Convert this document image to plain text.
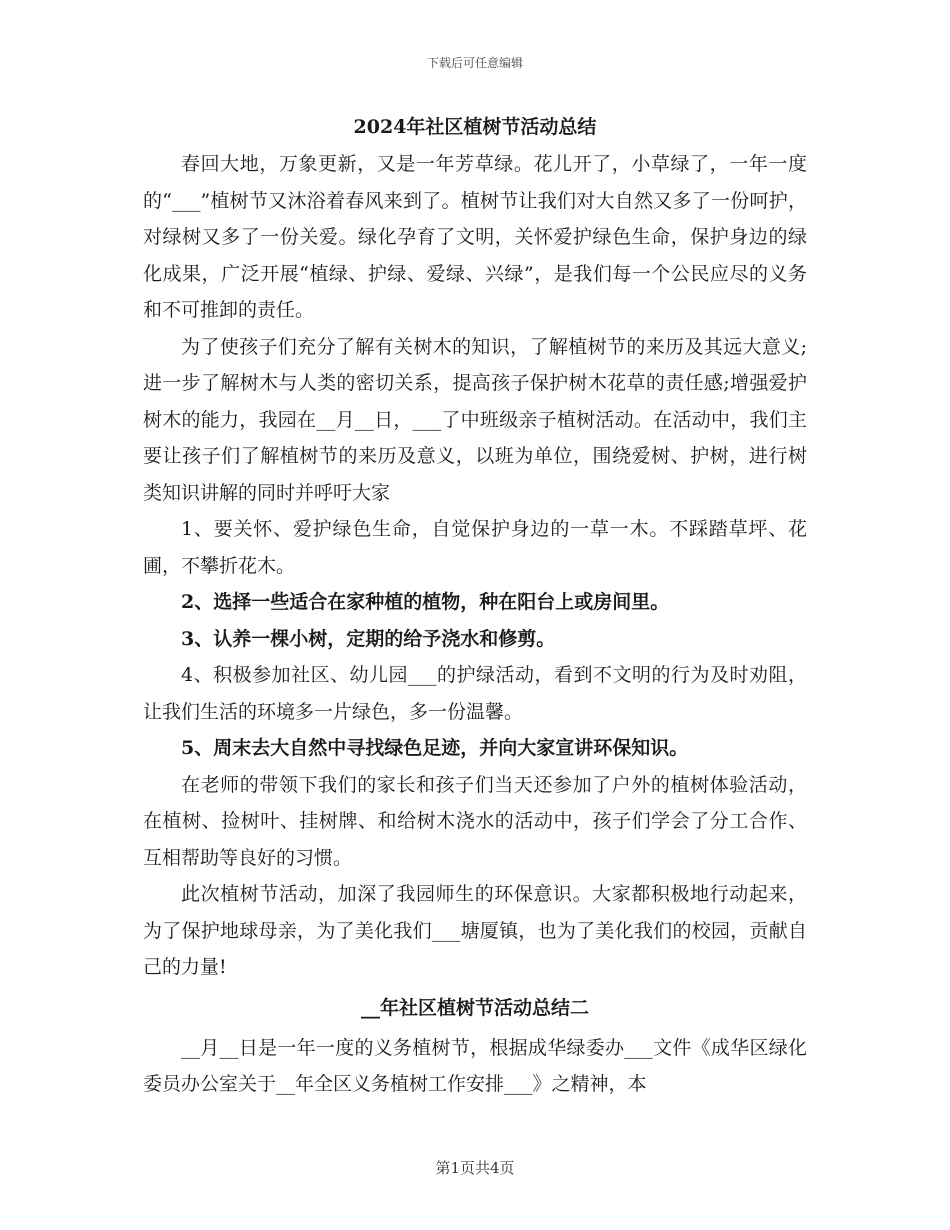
下载后可任意编辑
2024年社区植树节活动总结

春回大地，万象更新，又是一年芳草绿。花儿开了，小草绿了，一年一度的“___”植树节又沐浴着春风来到了。植树节让我们对大自然又多了一份呵护，对绿树又多了一份关爱。绿化孕育了文明，关怀爱护绿色生命，保护身边的绿化成果，广泛开展“植绿、护绿、爱绿、兴绿”，是我们每一个公民应尽的义务和不可推卸的责任。

为了使孩子们充分了解有关树木的知识，了解植树节的来历及其远大意义;进一步了解树木与人类的密切关系，提高孩子保护树木花草的责任感;增强爱护树木的能力，我园在__月__日，___了中班级亲子植树活动。在活动中，我们主要让孩子们了解植树节的来历及意义，以班为单位，围绕爱树、护树，进行树类知识讲解的同时并呼吁大家

1、要关怀、爱护绿色生命，自觉保护身边的一草一木。不踩踏草坪、花圃，不攀折花木。

2、选择一些适合在家种植的植物，种在阳台上或房间里。

3、认养一棵小树，定期的给予浇水和修剪。

4、积极参加社区、幼儿园___的护绿活动，看到不文明的行为及时劝阻，让我们生活的环境多一片绿色，多一份温馨。

5、周末去大自然中寻找绿色足迹，并向大家宣讲环保知识。

在老师的带领下我们的家长和孩子们当天还参加了户外的植树体验活动，在植树、捡树叶、挂树牌、和给树木浇水的活动中，孩子们学会了分工合作、互相帮助等良好的习惯。

此次植树节活动，加深了我园师生的环保意识。大家都积极地行动起来，为了保护地球母亲，为了美化我们___塘厦镇，也为了美化我们的校园，贡献自己的力量!

__年社区植树节活动总结二

__月__日是一年一度的义务植树节，根据成华绿委办___文件《成华区绿化委员办公室关于__年全区义务植树工作安排___》之精神，本

第1页共4页
